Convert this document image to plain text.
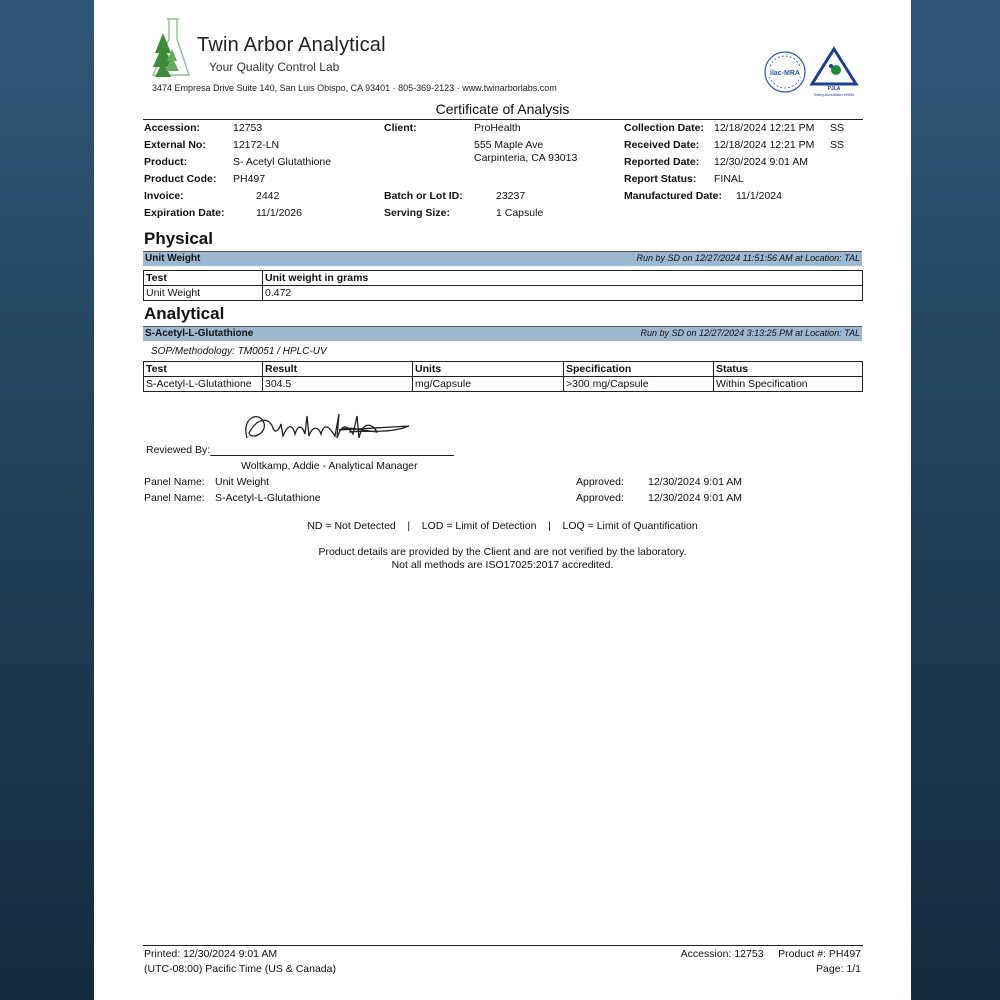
Twin Arbor Analytical
Your Quality Control Lab
3474 Empresa Drive Suite 140, San Luis Obispo, CA 93401 · 805-369-2123 · www.twinarborlabs.com
ilac-MRA
PJLA
Testing Accreditation #99851
Certificate of Analysis
Accession:	12753
External No:	12172-LN
Product:	S- Acetyl Glutathione
Product Code: PH497
Invoice:	2442
Expiration Date:	11/1/2026
Client:	ProHealth
555 Maple Ave
Carpinteria, CA 93013
Batch or Lot ID:	23237
Serving Size:	1 Capsule
Collection Date: 12/18/2024 12:21 PM SS
Received Date: 12/18/2024 12:21 PM SS
Reported Date: 12/30/2024 9:01 AM
Report Status: FINAL
Manufactured Date: 11/1/2024
Physical
Unit Weight	Run by SD on 12/27/2024 11:51:56 AM at Location: TAL
Test	Unit weight in grams
Unit Weight	0.472
Analytical
S-Acetyl-L-Glutathione	Run by SD on 12/27/2024 3:13:25 PM at Location: TAL
SOP/Methodology: TM0051 / HPLC-UV
Test	Result	Units	Specification	Status
S-Acetyl-L-Glutathione	304.5	mg/Capsule	>300 mg/Capsule	Within Specification
Reviewed By:
Woltkamp, Addie - Analytical Manager
Panel Name: Unit Weight	Approved: 12/30/2024 9:01 AM
Panel Name: S-Acetyl-L-Glutathione	Approved: 12/30/2024 9:01 AM
ND = Not Detected    |    LOD = Limit of Detection    |    LOQ = Limit of Quantification
Product details are provided by the Client and are not verified by the laboratory.
Not all methods are ISO17025:2017 accredited.
Printed: 12/30/2024 9:01 AM
(UTC-08:00) Pacific Time (US & Canada)
Accession: 12753     Product #: PH497
Page: 1/1
